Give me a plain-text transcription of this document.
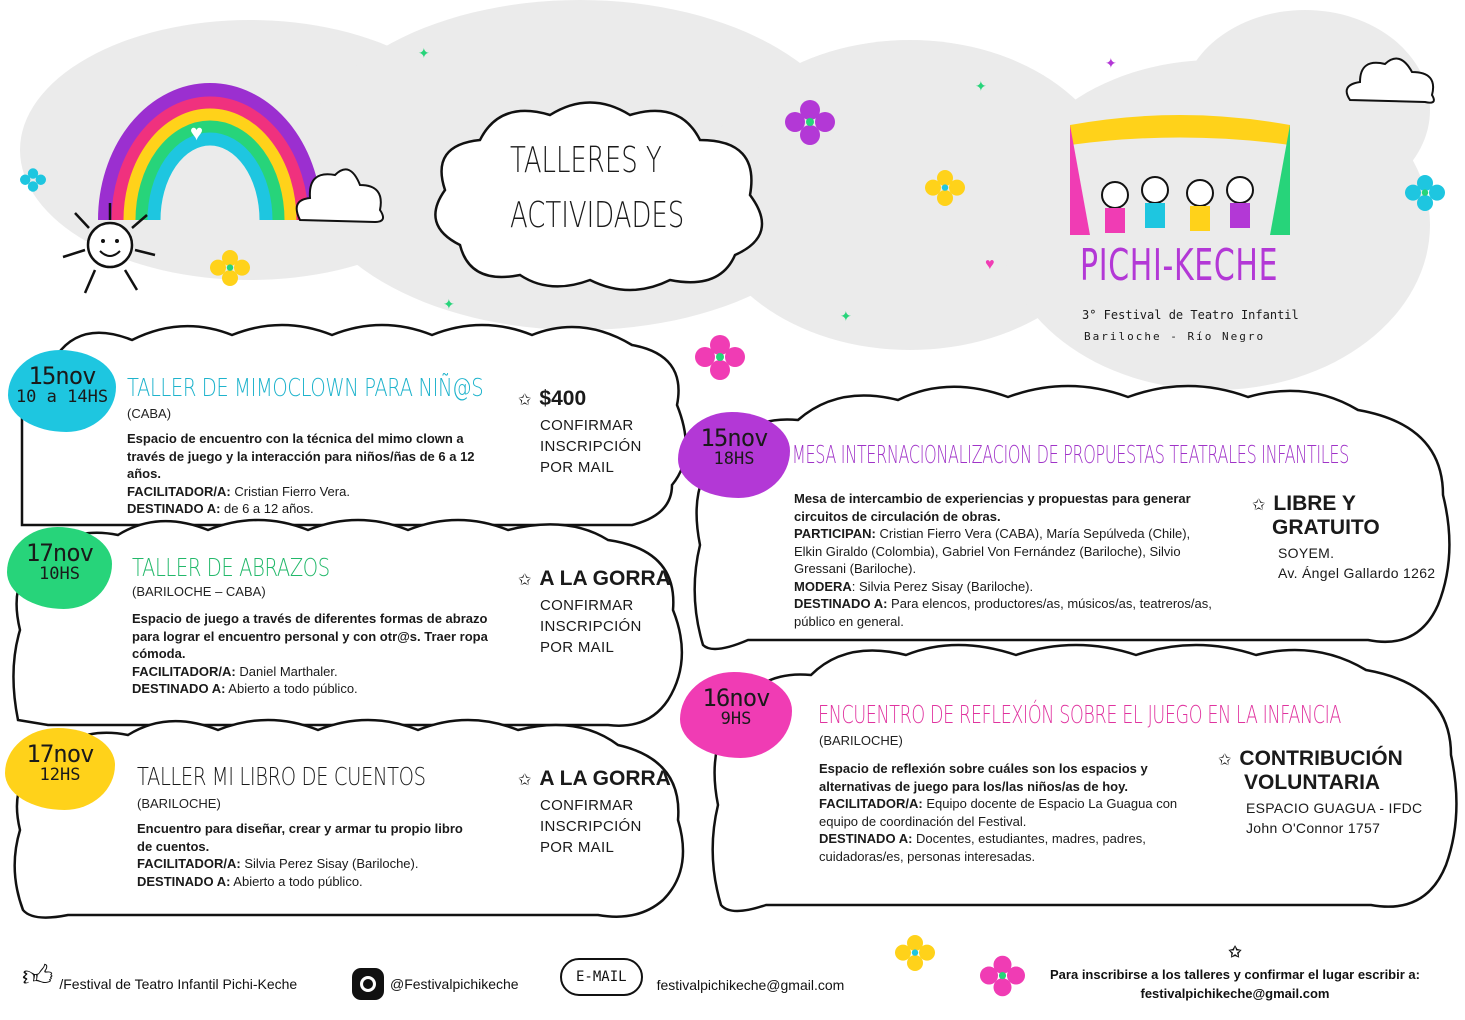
TALLERES Y
ACTIVIDADES
PICHI-KECHE
3° Festival de Teatro Infantil
Bariloche - Río Negro
15nov
10 a 14HS TALLER DE MIMOCLOWN PARA NIÑ@S
(CABA)
Espacio de encuentro con la técnica del mimo clown a través de juego y la interacción para niños/ñas de 6 a 12 años.
FACILITADOR/A: Cristian Fierro Vera.
DESTINADO A: de 6 a 12 años.
✩ $400
CONFIRMAR
INSCRIPCIÓN
POR MAIL
17nov
10HS	TALLER DE ABRAZOS
(BARILOCHE – CABA)
Espacio de juego a través de diferentes formas de abrazo para lograr el encuentro personal y con otr@s. Traer ropa cómoda.
FACILITADOR/A: Daniel Marthaler.
DESTINADO A: Abierto a todo público.
✩ A LA GORRA
CONFIRMAR
INSCRIPCIÓN
POR MAIL
17nov
12HS	TALLER MI LIBRO DE CUENTOS
(BARILOCHE)
Encuentro para diseñar, crear y armar tu propio libro de cuentos.
FACILITADOR/A: Silvia Perez Sisay (Bariloche).
DESTINADO A: Abierto a todo público.
✩ A LA GORRA
CONFIRMAR
INSCRIPCIÓN
POR MAIL
15nov
18HS	MESA INTERNACIONALIZACION DE PROPUESTAS TEATRALES INFANTILES
Mesa de intercambio de experiencias y propuestas para generar circuitos de circulación de obras.
PARTICIPAN: Cristian Fierro Vera (CABA), María Sepúlveda (Chile), Elkin Giraldo (Colombia), Gabriel Von Fernández (Bariloche), Silvio Gressani (Bariloche).
MODERA: Silvia Perez Sisay (Bariloche).
DESTINADO A: Para elencos, productores/as, músicos/as, teatreros/as, público en general.
✩ LIBRE Y
GRATUITO
SOYEM.
Av. Ángel Gallardo 1262
16nov
9HS	ENCUENTRO DE REFLEXIÓN SOBRE EL JUEGO EN LA INFANCIA
(BARILOCHE)
Espacio de reflexión sobre cuáles son los espacios y alternativas de juego para los/las niños/as de hoy.
FACILITADOR/A: Equipo docente de Espacio La Guagua con equipo de coordinación del Festival.
DESTINADO A: Docentes, estudiantes, madres, padres, cuidadoras/es, personas interesadas.
✩ CONTRIBUCIÓN
VOLUNTARIA
ESPACIO GUAGUA - IFDC
John O'Connor 1757
✦
✦
✦
✦
✦
♥
♥
👍︎ /Festival de Teatro Infantil Pichi-Keche	@Festivalpichikeche	E-MAIL	festivalpichikeche@gmail.com
✩
Para inscribirse a los talleres y confirmar el lugar escribir a:
festivalpichikeche@gmail.com
